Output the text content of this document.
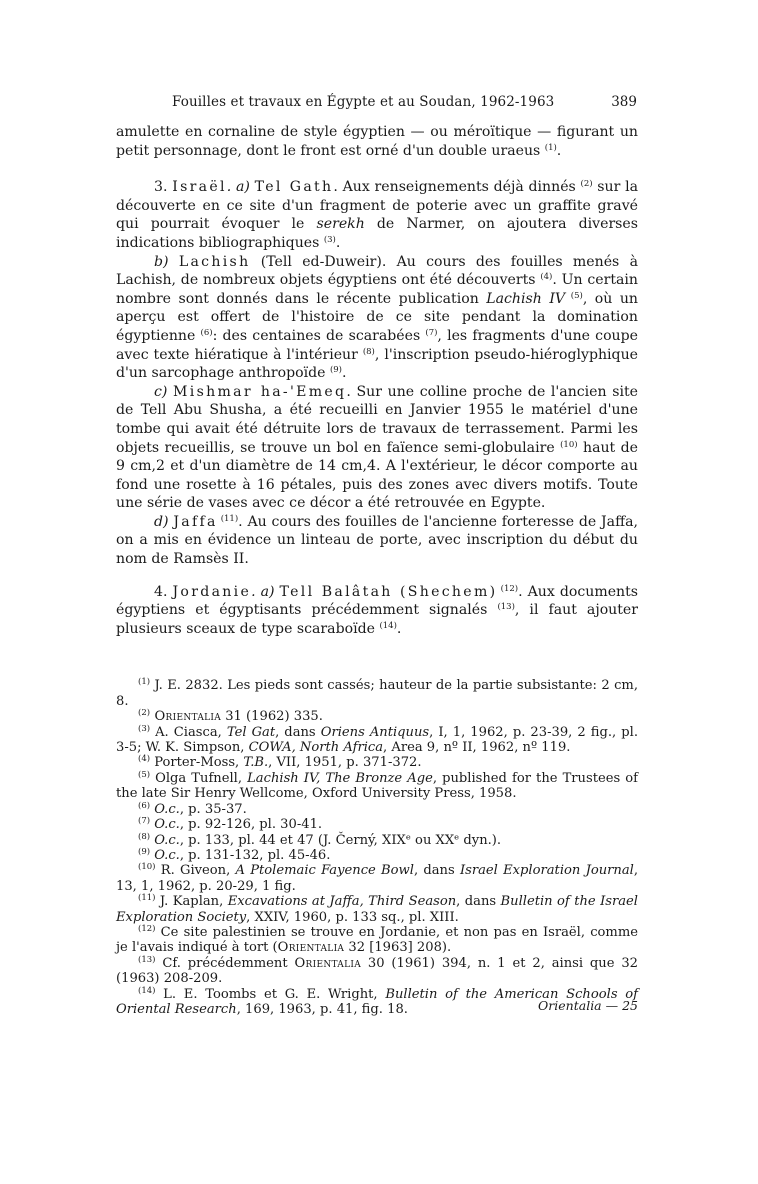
Fouilles et travaux en Égypte et au Soudan, 1962-1963	389

amulette en cornaline de style égyptien — ou méroïtique — figurant un petit personnage, dont le front est orné d'un double uraeus $^{(1)}$.

3. Israël. a) Tel Gath. Aux renseignements déjà dinnés $^{(2)}$ sur la découverte en ce site d'un fragment de poterie avec un graffite gravé qui pourrait évoquer le serekh de Narmer, on ajoutera diverses indications bibliographiques $^{(3)}$.

b) Lachish (Tell ed-Duweir). Au cours des fouilles menés à Lachish, de nombreux objets égyptiens ont été découverts $^{(4)}$. Un certain nombre sont donnés dans le récente publication Lachish IV $^{(5)}$, où un aperçu est offert de l'histoire de ce site pendant la domination égyptienne $^{(6)}$: des centaines de scarabées $^{(7)}$, les fragments d'une coupe avec texte hiératique à l'intérieur $^{(8)}$, l'inscription pseudo-hiéroglyphique d'un sarcophage anthropoïde $^{(9)}$.

c) Mishmar ha-'Emeq. Sur une colline proche de l'ancien site de Tell Abu Shusha, a été recueilli en Janvier 1955 le matériel d'une tombe qui avait été détruite lors de travaux de terrassement. Parmi les objets recueillis, se trouve un bol en faïence semi-globulaire $^{(10)}$ haut de 9 cm,2 et d'un diamètre de 14 cm,4. A l'extérieur, le décor comporte au fond une rosette à 16 pétales, puis des zones avec divers motifs. Toute une série de vases avec ce décor a été retrouvée en Egypte.

d) Jaffa $^{(11)}$. Au cours des fouilles de l'ancienne forteresse de Jaffa, on a mis en évidence un linteau de porte, avec inscription du début du nom de Ramsès II.

4. Jordanie. a) Tell Balâtah (Shechem) $^{(12)}$. Aux documents égyptiens et égyptisants précédemment signalés $^{(13)}$, il faut ajouter plusieurs sceaux de type scaraboïde $^{(14)}$.

$^{(1)}$ J. E. 2832. Les pieds sont cassés; hauteur de la partie subsistante: 2 cm, 8.

$^{(2)}$ Orientalia 31 (1962) 335.

$^{(3)}$ A. Ciasca, Tel Gat, dans Oriens Antiquus, I, 1, 1962, p. 23-39, 2 fig., pl. 3-5; W. K. Simpson, COWA, North Africa, Area 9, nº II, 1962, nº 119.

$^{(4)}$ Porter-Moss, T.B., VII, 1951, p. 371-372.

$^{(5)}$ Olga Tufnell, Lachish IV, The Bronze Age, published for the Trustees of the late Sir Henry Wellcome, Oxford University Press, 1958.

$^{(6)}$ O.c., p. 35-37.

$^{(7)}$ O.c., p. 92-126, pl. 30-41.

$^{(8)}$ O.c., p. 133, pl. 44 et 47 (J. Černý, XIXᵉ ou XXᵉ dyn.).

$^{(9)}$ O.c., p. 131-132, pl. 45-46.

$^{(10)}$ R. Giveon, A Ptolemaic Fayence Bowl, dans Israel Exploration Journal, 13, 1, 1962, p. 20-29, 1 fig.

$^{(11)}$ J. Kaplan, Excavations at Jaffa, Third Season, dans Bulletin of the Israel Exploration Society, XXIV, 1960, p. 133 sq., pl. XIII.

$^{(12)}$ Ce site palestinien se trouve en Jordanie, et non pas en Israël, comme je l'avais indiqué à tort (Orientalia 32 [1963] 208).

$^{(13)}$ Cf. précédemment Orientalia 30 (1961) 394, n. 1 et 2, ainsi que 32 (1963) 208-209.

$^{(14)}$ L. E. Toombs et G. E. Wright, Bulletin of the American Schools of Oriental Research, 169, 1963, p. 41, fig. 18.	Orientalia — 25
